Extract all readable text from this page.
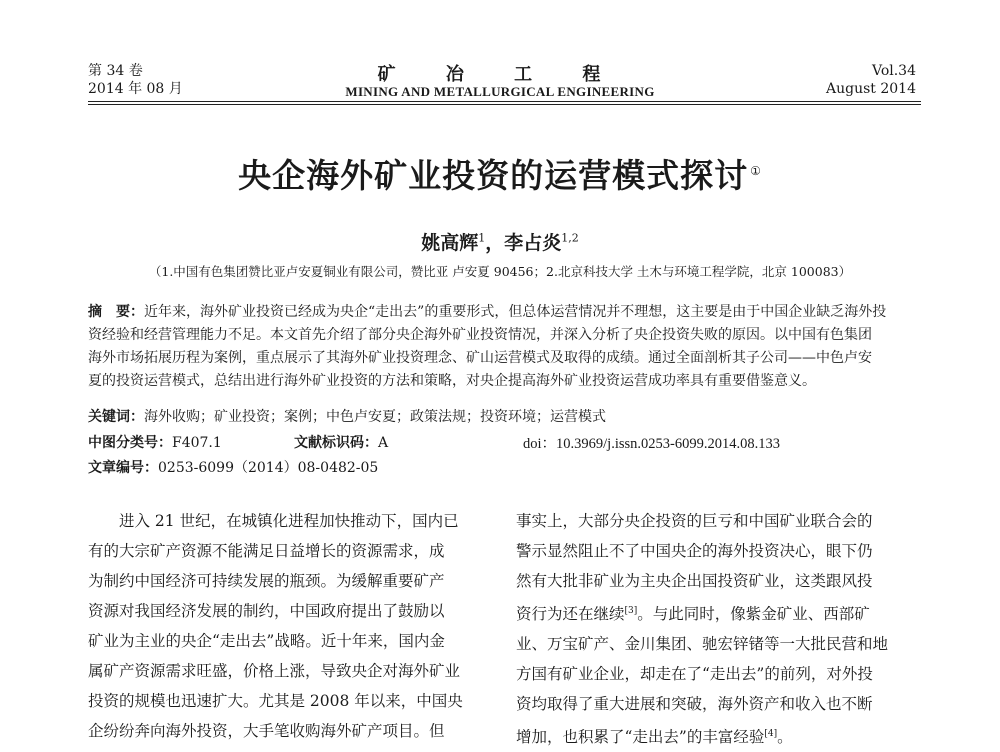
第 34 卷
2014 年 08 月
矿 冶 工 程
MINING AND METALLURGICAL ENGINEERING
Vol.34
August 2014
央企海外矿业投资的运营模式探讨 ①
姚高辉$^1$，李占炎$^{1,2}$
（1.中国有色集团赞比亚卢安夏铜业有限公司，赞比亚 卢安夏 90456；2.北京科技大学 土木与环境工程学院，北京 100083）
摘　要：近年来，海外矿业投资已经成为央企“走出去”的重要形式，但总体运营情况并不理想，这主要是由于中国企业缺乏海外投
资经验和经营管理能力不足。本文首先介绍了部分央企海外矿业投资情况，并深入分析了央企投资失败的原因。以中国有色集团
海外市场拓展历程为案例，重点展示了其海外矿业投资理念、矿山运营模式及取得的成绩。通过全面剖析其子公司——中色卢安
夏的投资运营模式，总结出进行海外矿业投资的方法和策略，对央企提高海外矿业投资运营成功率具有重要借鉴意义。
关键词：海外收购；矿业投资；案例；中色卢安夏；政策法规；投资环境；运营模式
中图分类号：F407.1	文献标识码：A	doi：10.3969/j.issn.0253-6099.2014.08.133
文章编号：0253-6099（2014）08-0482-05
　　进入 21 世纪，在城镇化进程加快推动下，国内已
有的大宗矿产资源不能满足日益增长的资源需求，成
为制约中国经济可持续发展的瓶颈。为缓解重要矿产
资源对我国经济发展的制约，中国政府提出了鼓励以
矿业为主业的央企“走出去”战略。近十年来，国内金
属矿产资源需求旺盛，价格上涨，导致央企对海外矿业
投资的规模也迅速扩大。尤其是 2008 年以来，中国央
企纷纷奔向海外投资，大手笔收购海外矿产项目。但
事实上，大部分央企投资的巨亏和中国矿业联合会的
警示显然阻止不了中国央企的海外投资决心，眼下仍
然有大批非矿业为主央企出国投资矿业，这类跟风投
资行为还在继续[3]。与此同时，像紫金矿业、西部矿
业、万宝矿产、金川集团、驰宏锌锗等一大批民营和地
方国有矿业企业，却走在了“走出去”的前列，对外投
资均取得了重大进展和突破，海外资产和收入也不断
增加，也积累了“走出去”的丰富经验[4]。
